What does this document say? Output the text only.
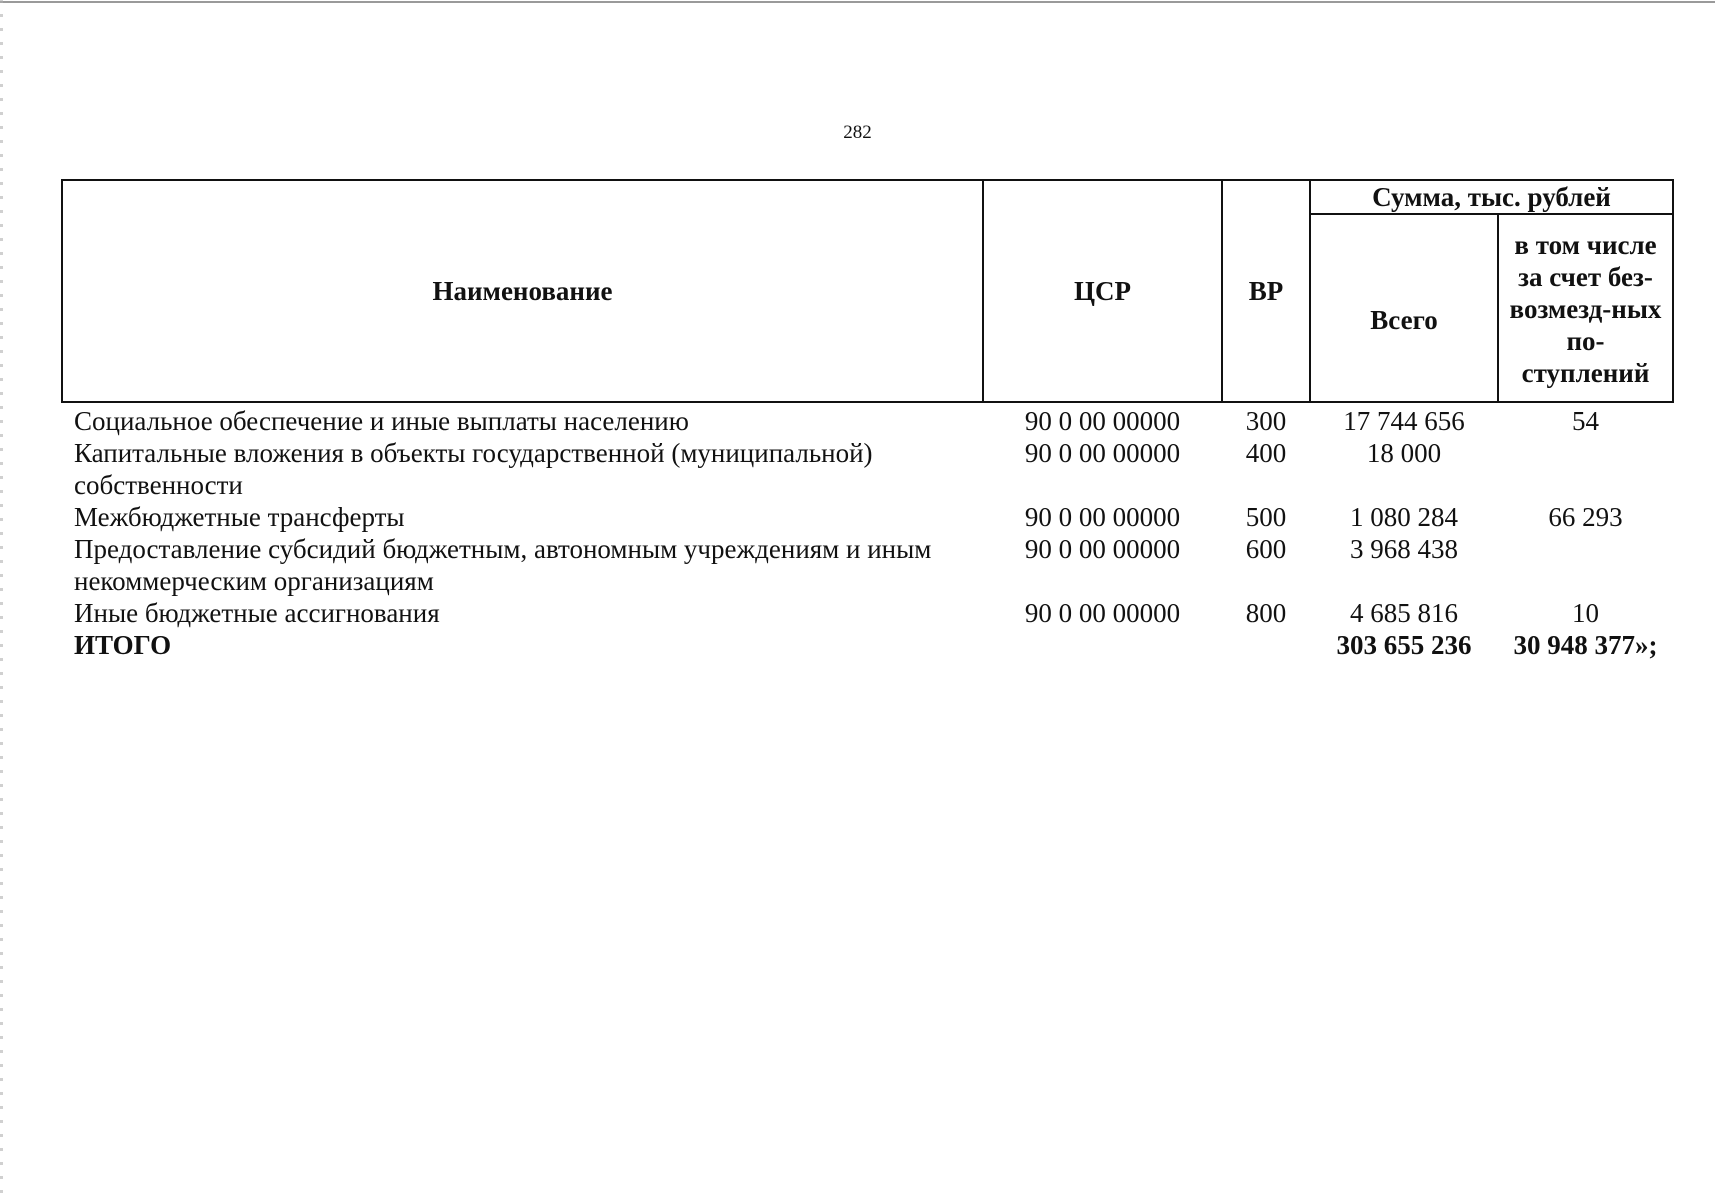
282
Наименование	ЦСР	ВР	Сумма, тыс. рублей	
			Всего	в том числе за счет без-возмезд-ных по-ступлений
Социальное обеспечение и иные выплаты населению	90 0 00 00000	300	17 744 656	54
Капитальные вложения в объекты государственной (муниципальной) собственности	90 0 00 00000	400	18 000	
Межбюджетные трансферты	90 0 00 00000	500	1 080 284	66 293
Предоставление субсидий бюджетным, автономным учреждениям и иным некоммерческим организациям	90 0 00 00000	600	3 968 438	
Иные бюджетные ассигнования	90 0 00 00000	800	4 685 816	10
ИТОГО			303 655 236	30 948 377»;
